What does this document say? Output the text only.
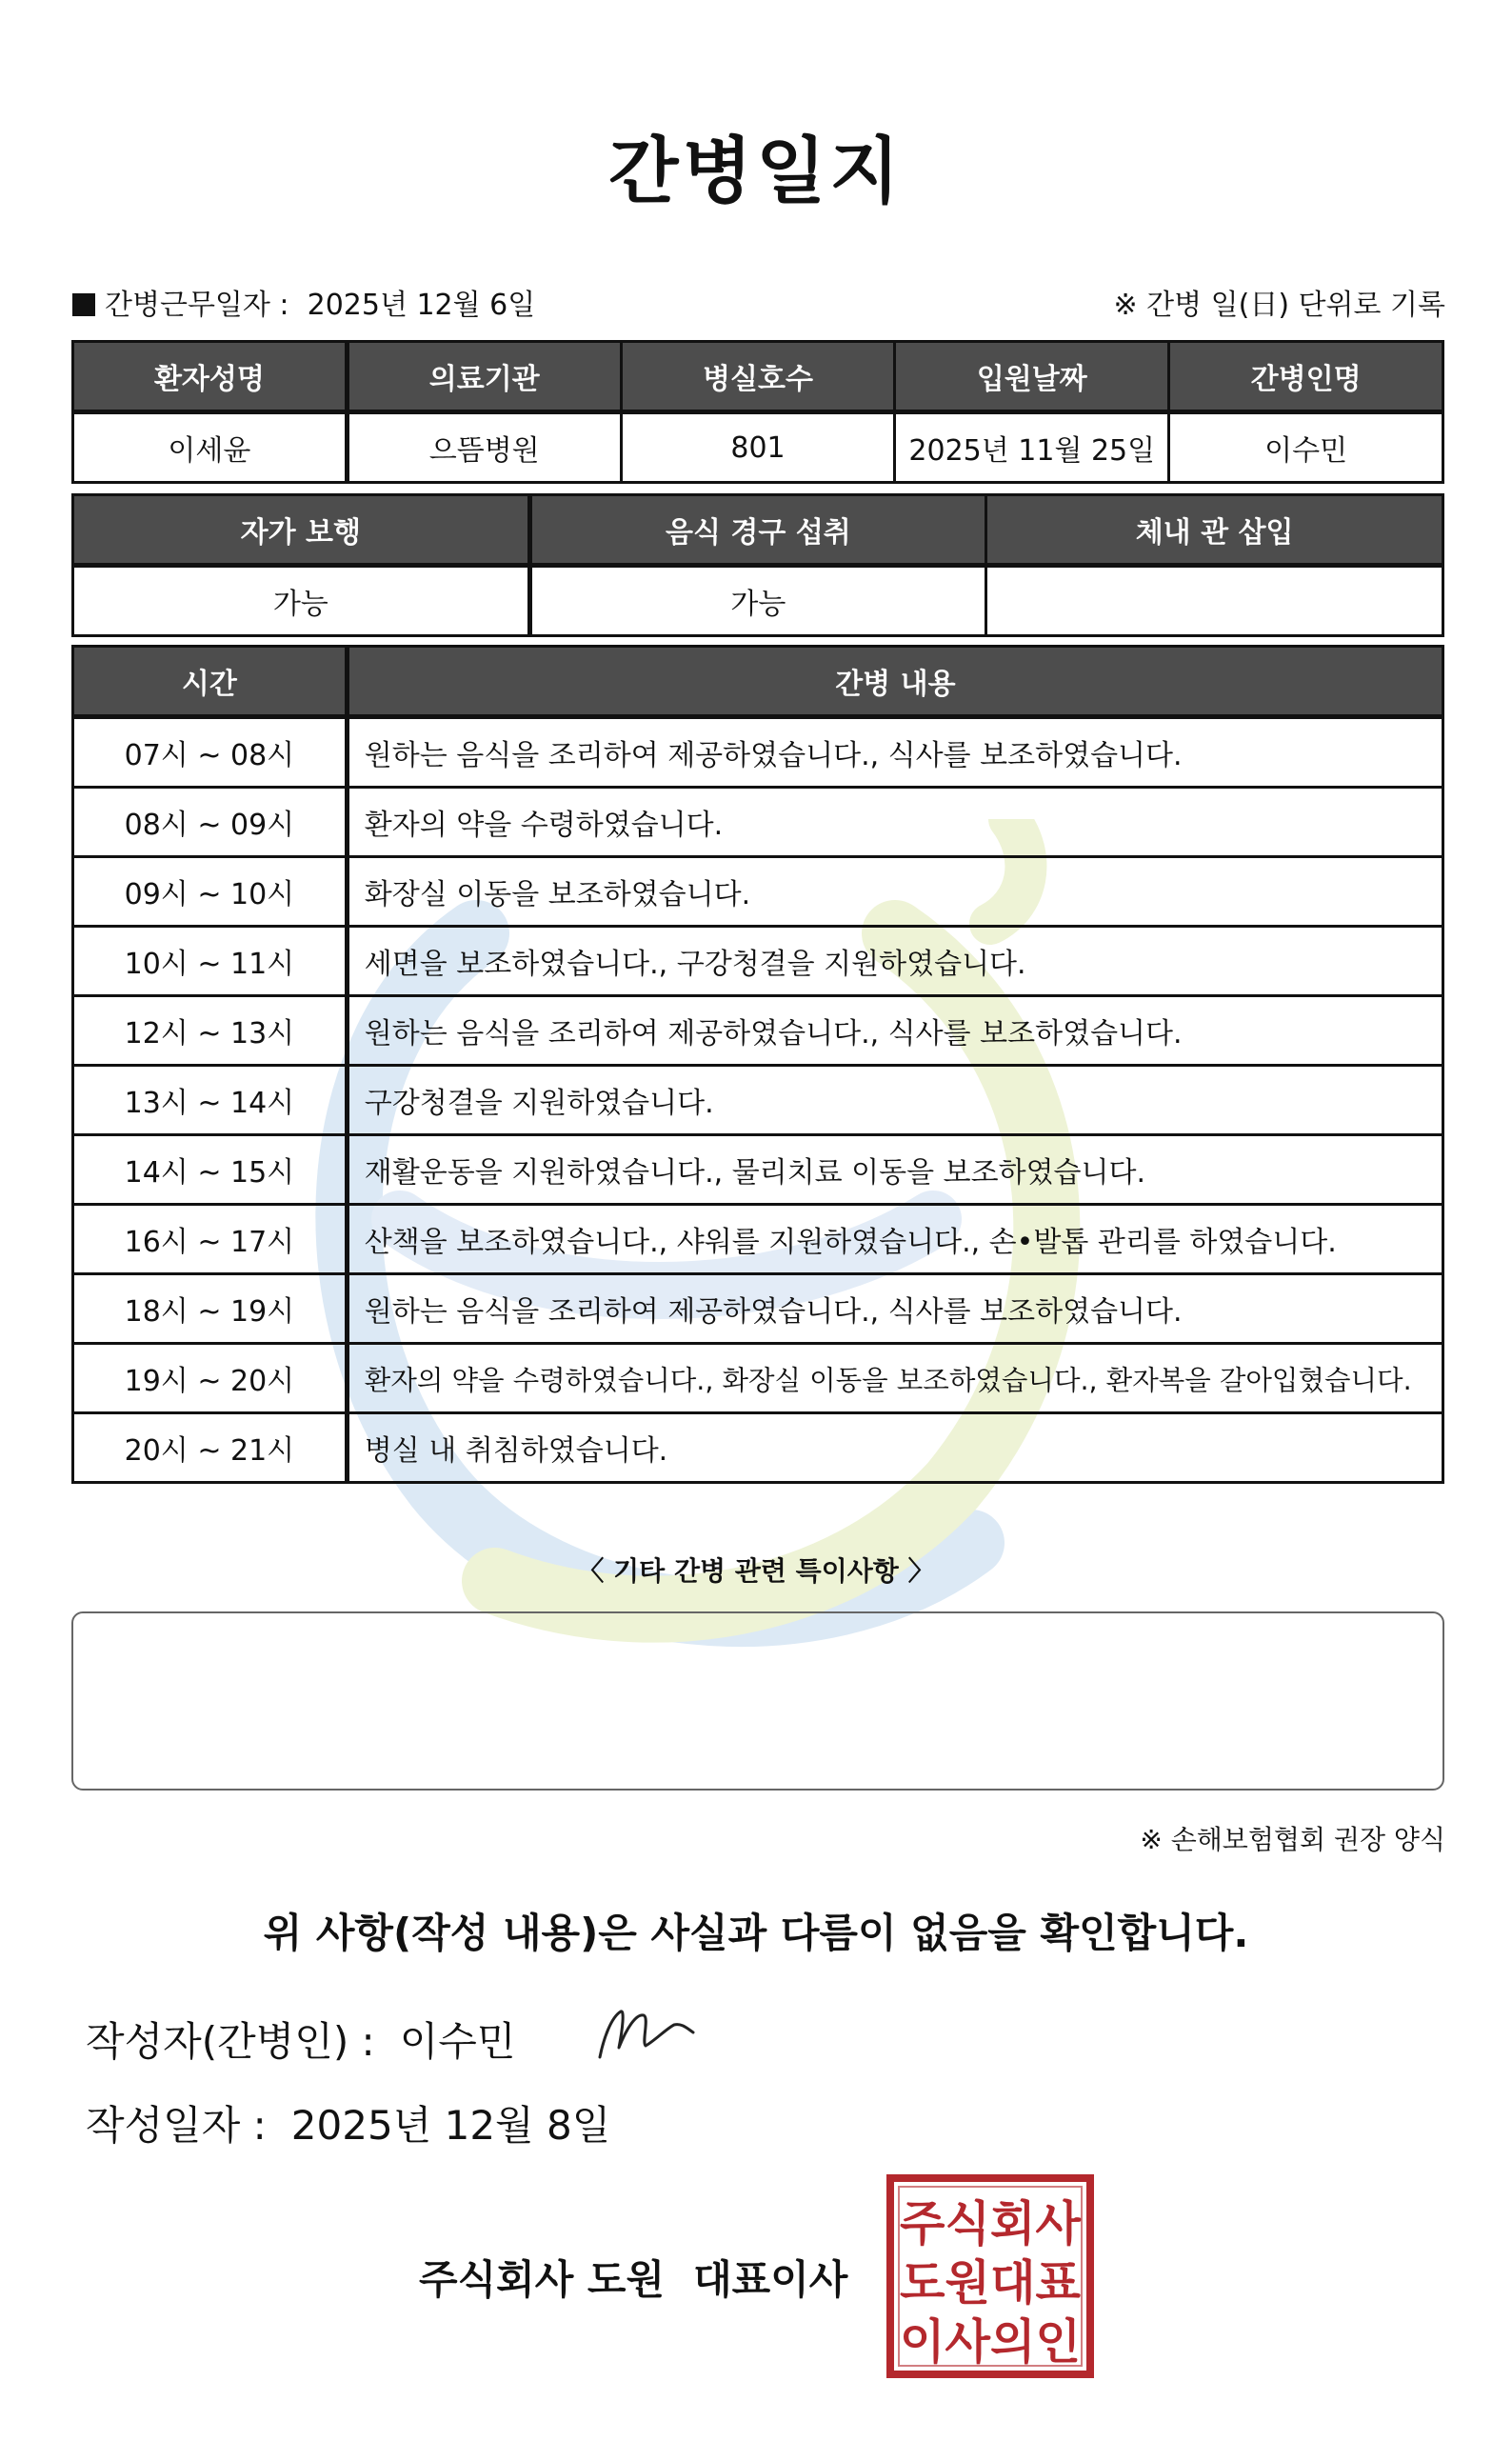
간병일지
간병근무일자 : 2025년 12월 6일	※ 간병 일(日) 단위로 기록
환자성명	의료기관	병실호수	입원날짜	간병인명
이세윤	으뜸병원	801	2025년 11월 25일	이수민
자가 보행	음식 경구 섭취	체내 관 삽입
가능	가능	
시간	간병 내용
07시 ~ 08시	원하는 음식을 조리하여 제공하였습니다., 식사를 보조하였습니다.
08시 ~ 09시	환자의 약을 수령하였습니다.
09시 ~ 10시	화장실 이동을 보조하였습니다.
10시 ~ 11시	세면을 보조하였습니다., 구강청결을 지원하였습니다.
12시 ~ 13시	원하는 음식을 조리하여 제공하였습니다., 식사를 보조하였습니다.
13시 ~ 14시	구강청결을 지원하였습니다.
14시 ~ 15시	재활운동을 지원하였습니다., 물리치료 이동을 보조하였습니다.
16시 ~ 17시	산책을 보조하였습니다., 샤워를 지원하였습니다., 손•발톱 관리를 하였습니다.
18시 ~ 19시	원하는 음식을 조리하여 제공하였습니다., 식사를 보조하였습니다.
19시 ~ 20시	환자의 약을 수령하였습니다., 화장실 이동을 보조하였습니다., 환자복을 갈아입혔습니다.
20시 ~ 21시	병실 내 취침하였습니다.
〈 기타 간병 관련 특이사항 〉
※ 손해보험협회 권장 양식
위 사항(작성 내용)은 사실과 다름이 없음을 확인합니다.
작성자(간병인) : 이수민
작성일자 : 2025년 12월 8일
주식회사 도원 대표이사
주식회사
도원대표
이사의인
